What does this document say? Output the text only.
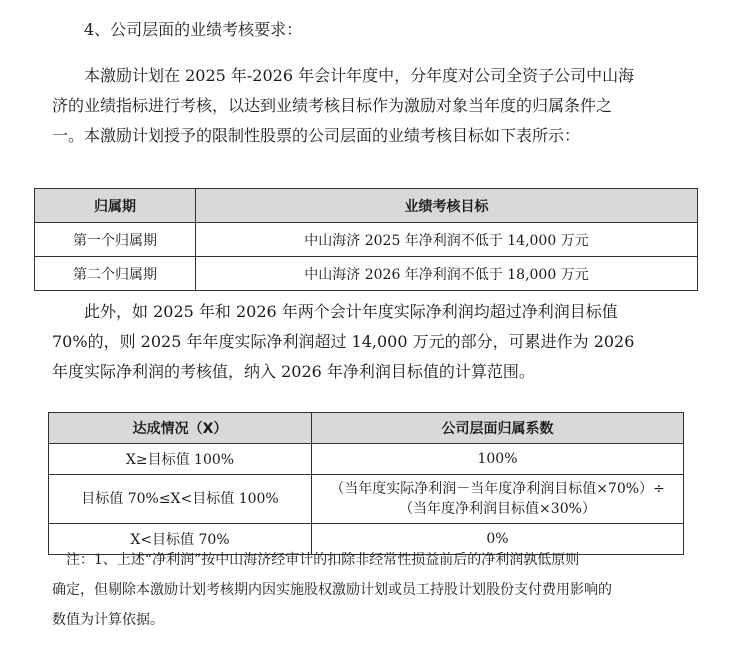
4、公司层面的业绩考核要求：

本激励计划在 2025 年-2026 年会计年度中，分年度对公司全资子公司中山海
济的业绩指标进行考核，以达到业绩考核目标作为激励对象当年度的归属条件之
一。本激励计划授予的限制性股票的公司层面的业绩考核目标如下表所示：

归属期	业绩考核目标
第一个归属期	中山海济 2025 年净利润不低于 14,000 万元
第二个归属期	中山海济 2026 年净利润不低于 18,000 万元

此外，如 2025 年和 2026 年两个会计年度实际净利润均超过净利润目标值
70%的，则 2025 年年度实际净利润超过 14,000 万元的部分，可累进作为 2026
年度实际净利润的考核值，纳入 2026 年净利润目标值的计算范围。

达成情况（X）	公司层面归属系数
X≥目标值 100%	100%
目标值 70%≤X<目标值 100%	（当年度实际净利润－当年度净利润目标值×70%）÷
（当年度净利润目标值×30%）

X<目标值 70%	0%

注：1、上述“净利润”按中山海济经审计的扣除非经常性损益前后的净利润孰低原则
确定，但剔除本激励计划考核期内因实施股权激励计划或员工持股计划股份支付费用影响的
数值为计算依据。
